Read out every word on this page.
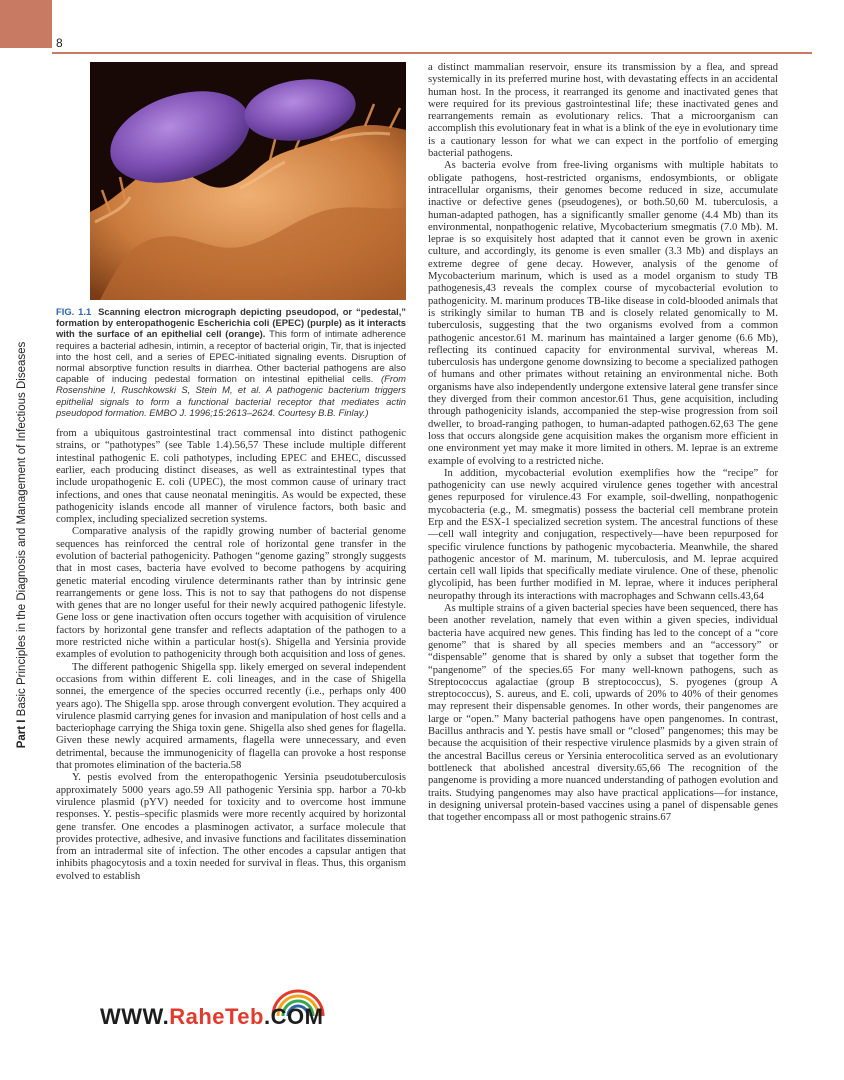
8
Part I Basic Principles in the Diagnosis and Management of Infectious Diseases
FIG. 1.1 Scanning electron micrograph depicting pseudopod, or “pedestal,” formation by enteropathogenic Escherichia coli (EPEC) (purple) as it interacts with the surface of an epithelial cell (orange). This form of intimate adherence requires a bacterial adhesin, intimin, a receptor of bacterial origin, Tir, that is injected into the host cell, and a series of EPEC-initiated signaling events. Disruption of normal absorptive function results in diarrhea. Other bacterial pathogens are also capable of inducing pedestal formation on intestinal epithelial cells. (From Rosenshine I, Ruschkowski S, Stein M, et al. A pathogenic bacterium triggers epithelial signals to form a functional bacterial receptor that mediates actin pseudopod formation. EMBO J. 1996;15:2613–2624. Courtesy B.B. Finlay.)

from a ubiquitous gastrointestinal tract commensal into distinct pathogenic strains, or “pathotypes” (see Table 1.4).56,57 These include multiple different intestinal pathogenic E. coli pathotypes, including EPEC and EHEC, discussed earlier, each producing distinct diseases, as well as extraintestinal types that include uropathogenic E. coli (UPEC), the most common cause of urinary tract infections, and ones that cause neonatal meningitis. As would be expected, these pathogenicity islands encode all manner of virulence factors, both basic and complex, including specialized secretion systems.

Comparative analysis of the rapidly growing number of bacterial genome sequences has reinforced the central role of horizontal gene transfer in the evolution of bacterial pathogenicity. Pathogen “genome gazing” strongly suggests that in most cases, bacteria have evolved to become pathogens by acquiring genetic material encoding virulence determinants rather than by intrinsic gene rearrangements or gene loss. This is not to say that pathogens do not dispense with genes that are no longer useful for their newly acquired pathogenic lifestyle. Gene loss or gene inactivation often occurs together with acquisition of virulence factors by horizontal gene transfer and reflects adaptation of the pathogen to a more restricted niche within a particular host(s). Shigella and Yersinia provide examples of evolution to pathogenicity through both acquisition and loss of genes.

The different pathogenic Shigella spp. likely emerged on several independent occasions from within different E. coli lineages, and in the case of Shigella sonnei, the emergence of the species occurred recently (i.e., perhaps only 400 years ago). The Shigella spp. arose through convergent evolution. They acquired a virulence plasmid carrying genes for invasion and manipulation of host cells and a bacteriophage carrying the Shiga toxin gene. Shigella also shed genes for flagella. Given these newly acquired armaments, flagella were unnecessary, and even detrimental, because the immunogenicity of flagella can provoke a host response that promotes elimination of the bacteria.58

Y. pestis evolved from the enteropathogenic Yersinia pseudotuberculosis approximately 5000 years ago.59 All pathogenic Yersinia spp. harbor a 70-kb virulence plasmid (pYV) needed for toxicity and to overcome host immune responses. Y. pestis–specific plasmids were more recently acquired by horizontal gene transfer. One encodes a plasminogen activator, a surface molecule that provides protective, adhesive, and invasive functions and facilitates dissemination from an intradermal site of infection. The other encodes a capsular antigen that inhibits phagocytosis and a toxin needed for survival in fleas. Thus, this organism evolved to establish

a distinct mammalian reservoir, ensure its transmission by a flea, and spread systemically in its preferred murine host, with devastating effects in an accidental human host. In the process, it rearranged its genome and inactivated genes that were required for its previous gastrointestinal life; these inactivated genes and rearrangements remain as evolutionary relics. That a microorganism can accomplish this evolutionary feat in what is a blink of the eye in evolutionary time is a cautionary lesson for what we can expect in the portfolio of emerging bacterial pathogens.

As bacteria evolve from free-living organisms with multiple habitats to obligate pathogens, host-restricted organisms, endosymbionts, or obligate intracellular organisms, their genomes become reduced in size, accumulate inactive or defective genes (pseudogenes), or both.50,60 M. tuberculosis, a human-adapted pathogen, has a significantly smaller genome (4.4 Mb) than its environmental, nonpathogenic relative, Mycobacterium smegmatis (7.0 Mb). M. leprae is so exquisitely host adapted that it cannot even be grown in axenic culture, and accordingly, its genome is even smaller (3.3 Mb) and displays an extreme degree of gene decay. However, analysis of the genome of Mycobacterium marinum, which is used as a model organism to study TB pathogenesis,43 reveals the complex course of mycobacterial evolution to pathogenicity. M. marinum produces TB-like disease in cold-blooded animals that is strikingly similar to human TB and is closely related genomically to M. tuberculosis, suggesting that the two organisms evolved from a common pathogenic ancestor.61 M. marinum has maintained a larger genome (6.6 Mb), reflecting its continued capacity for environmental survival, whereas M. tuberculosis has undergone genome downsizing to become a specialized pathogen of humans and other primates without retaining an environmental niche. Both organisms have also independently undergone extensive lateral gene transfer since they diverged from their common ancestor.61 Thus, gene acquisition, including through pathogenicity islands, accompanied the step-wise progression from soil dweller, to broad-ranging pathogen, to human-adapted pathogen.62,63 The gene loss that occurs alongside gene acquisition makes the organism more efficient in one environment yet may make it more limited in others. M. leprae is an extreme example of evolving to a restricted niche.

In addition, mycobacterial evolution exemplifies how the “recipe” for pathogenicity can use newly acquired virulence genes together with ancestral genes repurposed for virulence.43 For example, soil-dwelling, nonpathogenic mycobacteria (e.g., M. smegmatis) possess the bacterial cell membrane protein Erp and the ESX-1 specialized secretion system. The ancestral functions of these—cell wall integrity and conjugation, respectively—have been repurposed for specific virulence functions by pathogenic mycobacteria. Meanwhile, the shared pathogenic ancestor of M. marinum, M. tuberculosis, and M. leprae acquired certain cell wall lipids that specifically mediate virulence. One of these, phenolic glycolipid, has been further modified in M. leprae, where it induces peripheral neuropathy through its interactions with macrophages and Schwann cells.43,64

As multiple strains of a given bacterial species have been sequenced, there has been another revelation, namely that even within a given species, individual bacteria have acquired new genes. This finding has led to the concept of a “core genome” that is shared by all species members and an “accessory” or “dispensable” genome that is shared by only a subset that together form the “pangenome” of the species.65 For many well-known pathogens, such as Streptococcus agalactiae (group B streptococcus), S. pyogenes (group A streptococcus), S. aureus, and E. coli, upwards of 20% to 40% of their genomes may represent their dispensable genomes. In other words, their pangenomes are large or “open.” Many bacterial pathogens have open pangenomes. In contrast, Bacillus anthracis and Y. pestis have small or “closed” pangenomes; this may be because the acquisition of their respective virulence plasmids by a given strain of the ancestral Bacillus cereus or Yersinia enterocolitica served as an evolutionary bottleneck that abolished ancestral diversity.65,66 The recognition of the pangenome is providing a more nuanced understanding of pathogen evolution and traits. Studying pangenomes may also have practical applications—for instance, in designing universal protein-based vaccines using a panel of dispensable genes that together encompass all or most pathogenic strains.67

WWW.RaheTeb.COM
